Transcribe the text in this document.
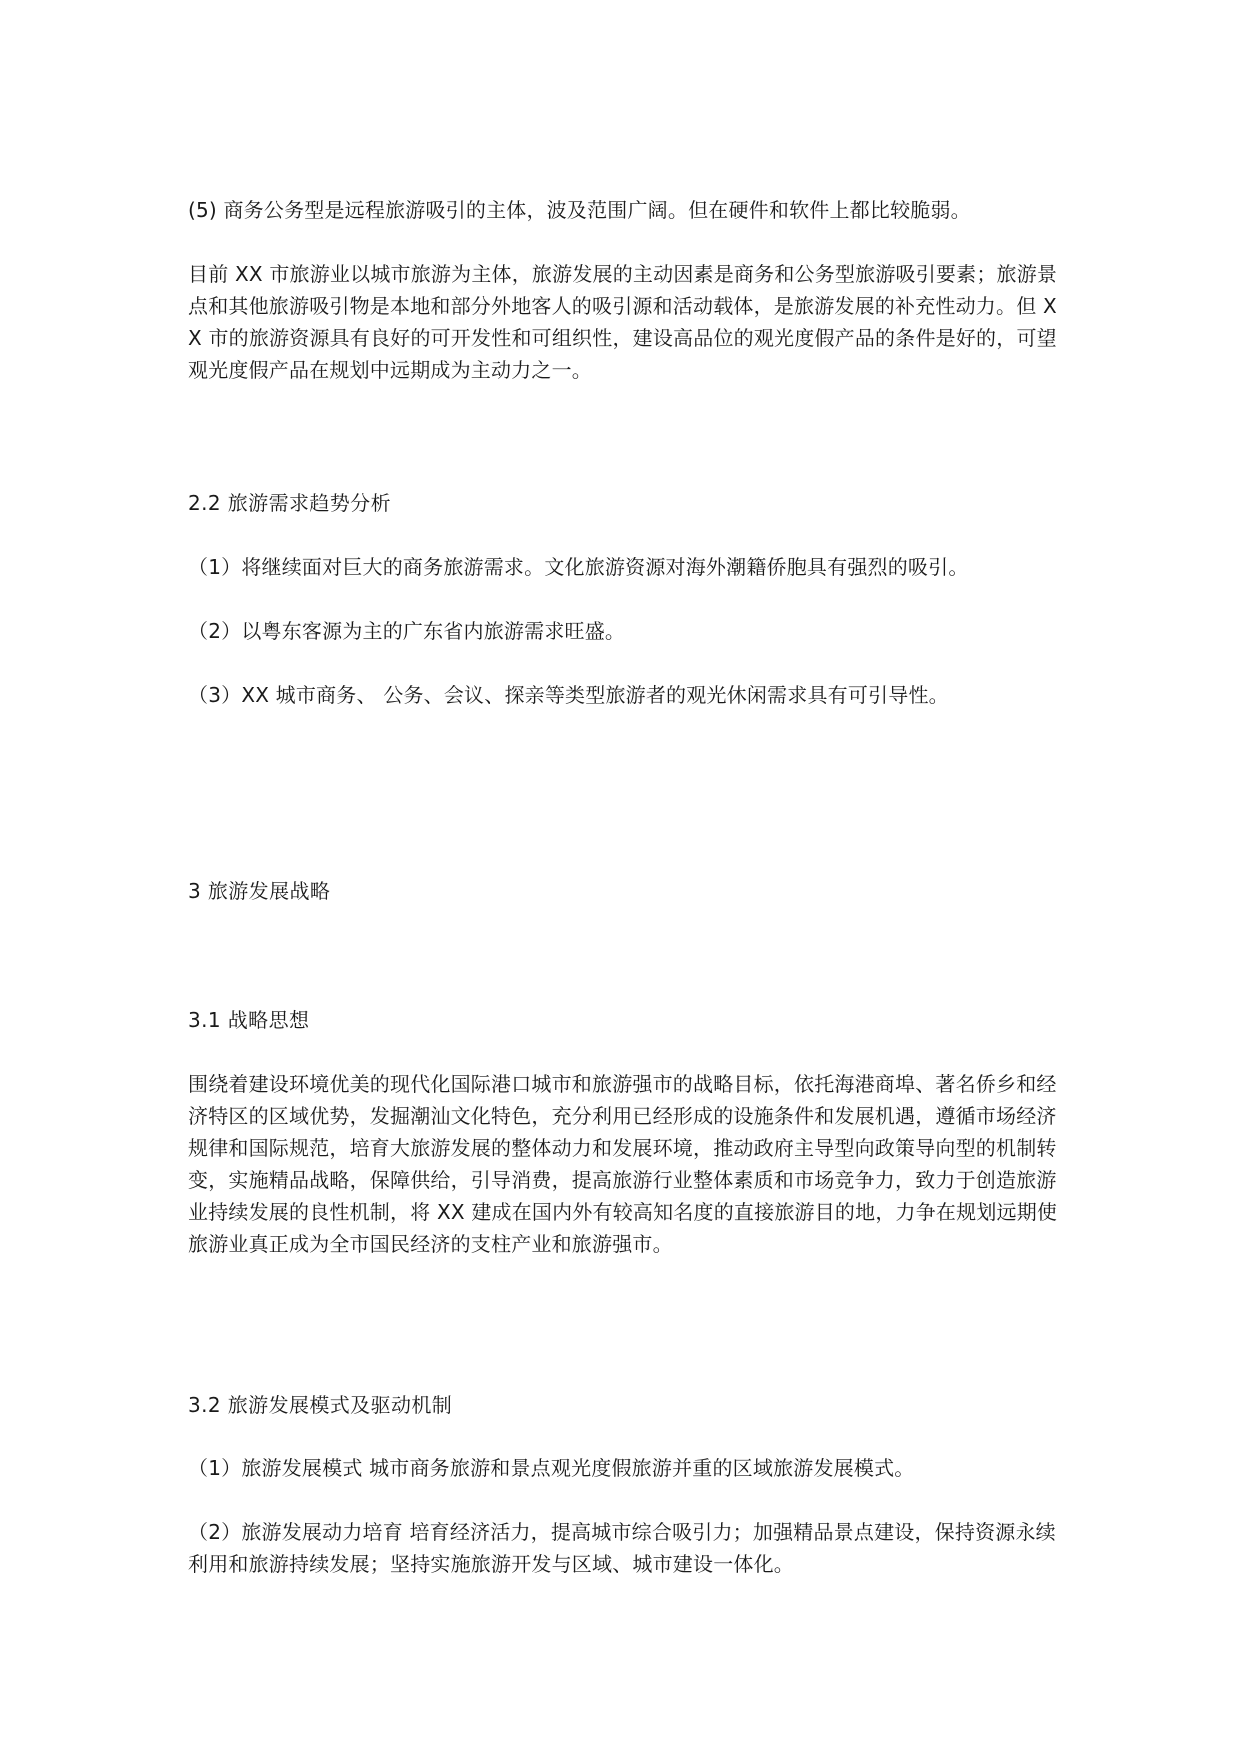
(5) 商务公务型是远程旅游吸引的主体，波及范围广阔。但在硬件和软件上都比较脆弱。

目前 XX 市旅游业以城市旅游为主体，旅游发展的主动因素是商务和公务型旅游吸引要素；旅游景点和其他旅游吸引物是本地和部分外地客人的吸引源和活动载体，是旅游发展的补充性动力。但 XX 市的旅游资源具有良好的可开发性和可组织性，建设高品位的观光度假产品的条件是好的，可望观光度假产品在规划中远期成为主动力之一。

2.2 旅游需求趋势分析

（1）将继续面对巨大的商务旅游需求。文化旅游资源对海外潮籍侨胞具有强烈的吸引。

（2）以粤东客源为主的广东省内旅游需求旺盛。

（3）XX 城市商务、 公务、会议、探亲等类型旅游者的观光休闲需求具有可引导性。

3 旅游发展战略

3.1 战略思想

围绕着建设环境优美的现代化国际港口城市和旅游强市的战略目标，依托海港商埠、著名侨乡和经济特区的区域优势，发掘潮汕文化特色，充分利用已经形成的设施条件和发展机遇，遵循市场经济规律和国际规范，培育大旅游发展的整体动力和发展环境，推动政府主导型向政策导向型的机制转变，实施精品战略，保障供给，引导消费，提高旅游行业整体素质和市场竞争力，致力于创造旅游业持续发展的良性机制，将 XX 建成在国内外有较高知名度的直接旅游目的地，力争在规划远期使旅游业真正成为全市国民经济的支柱产业和旅游强市。

3.2 旅游发展模式及驱动机制

（1）旅游发展模式 城市商务旅游和景点观光度假旅游并重的区域旅游发展模式。

（2）旅游发展动力培育 培育经济活力，提高城市综合吸引力；加强精品景点建设，保持资源永续利用和旅游持续发展；坚持实施旅游开发与区域、城市建设一体化。
